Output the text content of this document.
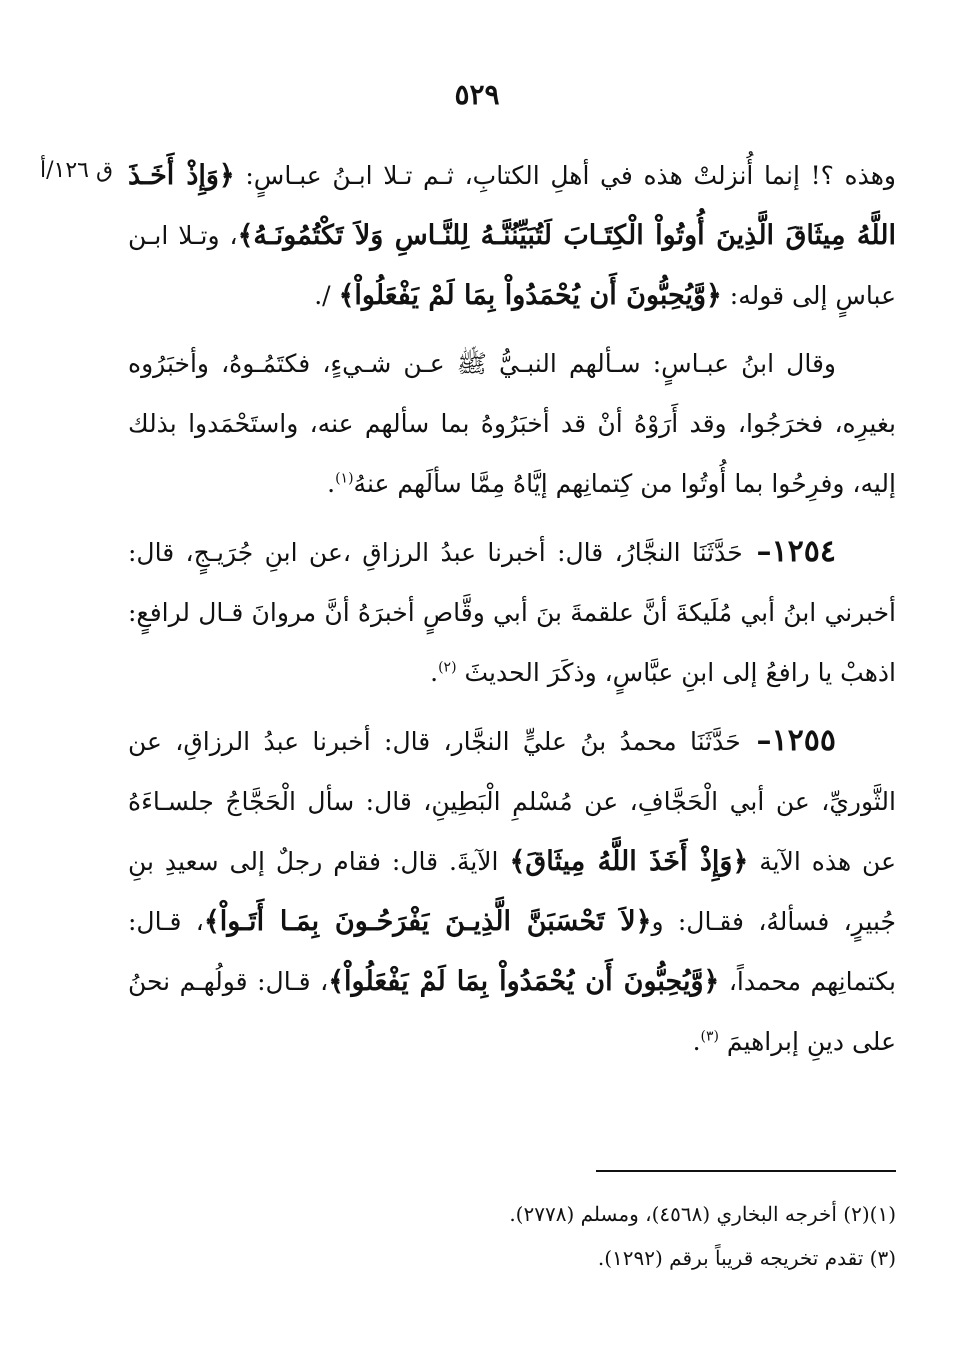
٥٢٩
ق ١٢٦/أ	وهذه ؟! إنما أُنزلتْ هذه في أهلِ الكتابِ، ثـم تـلا ابـنُ عبـاسٍ: ﴿وَإِذْ أَخَـذَ اللَّهُ مِيثَاقَ الَّذِينَ أُوتُواْ الْكِتَـابَ لَتُبَيِّنُنَّـهُ لِلنَّـاسِ وَلاَ تَكْتُمُونَـهُ﴾، وتـلا ابـن عباسٍ إلى قوله: ﴿وَّيُحِبُّونَ أَن يُحْمَدُواْ بِمَا لَمْ يَفْعَلُواْ﴾ /.

وقال ابنُ عبـاسٍ: سـألهم النبـيُّ ﷺ عـن شـيءٍ، فكتَمُـوهُ، وأخبَرُوه بغيرِه، فخرَجُوا، وقد أَرَوْهُ أنْ قد أخبَرُوهُ بما سألهم عنه، واستَحْمَدوا بذلك إليه، وفرِحُوا بما أُوتُوا من كِتمانِهم إيَّاهُ مِمَّا سألَهم عنهُ$^{(١)}$.

١٢٥٤– حَدَّثَنَا النجَّارُ، قال: أخبرنا عبدُ الرزاقِ ،عن ابنِ جُرَيـجٍ، قال: أخبرني ابنُ أبي مُلَيكةَ أنَّ علقمةَ بنَ أبي وقَّاصٍ أخبرَهُ أنَّ مروانَ قـال لرافعٍ: اذهبْ يا رافعُ إلى ابنِ عبَّاسٍ، وذكَرَ الحديثَ $^{(٢)}$.

١٢٥٥– حَدَّثَنَا محمدُ بنُ عليٍّ النجَّار، قال: أخبرنا عبدُ الرزاقِ، عن الثَّوريِّ، عن أبي الْحَجَّافِ، عن مُسْلمِ الْبَطِينِ، قال: سأل الْحَجَّاجُ جلسـاءَهُ عن هذه الآية ﴿وَإِذْ أَخَذَ اللَّهُ مِيثَاقَ﴾ الآيةَ. قال: فقام رجلٌ إلى سعيدِ بنِ جُبيرٍ، فسألهُ، فقـال: و﴿لاَ تَحْسَبَنَّ الَّذِيـنَ يَفْرَحُـونَ بِمَـا أَتَـواْ﴾، قـال: بكتمانِهم محمداً، ﴿وَّيُحِبُّونَ أَن يُحْمَدُواْ بِمَا لَمْ يَفْعَلُواْ﴾، قـال: قولُهـم نحنُ على دينِ إبراهيمَ $^{(٣)}$.

(١)(٢) أخرجه البخاري (٤٥٦٨)، ومسلم (٢٧٧٨).
(٣) تقدم تخريجه قريباً برقم (١٢٩٢).
